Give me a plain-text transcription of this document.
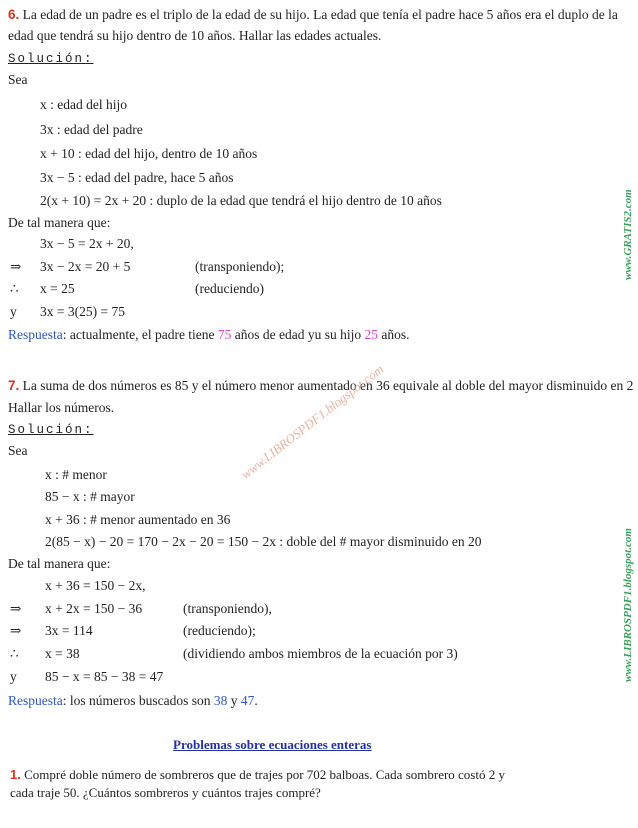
6. La edad de un padre es el triplo de la edad de su hijo. La edad que tenía el padre hace 5 años era el duplo de la
edad que tendrá su hijo dentro de 10 años. Hallar las edades actuales.
Solución:
Sea
x : edad del hijo
3x : edad del padre
x + 10 : edad del hijo, dentro de 10 años
3x − 5 : edad del padre, hace 5 años
2(x + 10) = 2x + 20 : duplo de la edad que tendrá el hijo dentro de 10 años
De tal manera que:
3x − 5 = 2x + 20,
⇒ 3x − 2x = 20 + 5	(transponiendo);
∴ x = 25	(reduciendo)
y 3x = 3(25) = 75
Respuesta: actualmente, el padre tiene 75 años de edad yu su hijo 25 años.
7. La suma de dos números es 85 y el número menor aumentado en 36 equivale al doble del mayor disminuido en 2
Hallar los números.
Solución:
Sea
x : # menor
85 − x : # mayor
x + 36 : # menor aumentado en 36
2(85 − x) − 20 = 170 − 2x − 20 = 150 − 2x : doble del # mayor disminuido en 20
De tal manera que:
x + 36 = 150 − 2x,
⇒ x + 2x = 150 − 36	(transponiendo),
⇒ 3x = 114	(reduciendo);
∴ x = 38	(dividiendo ambos miembros de la ecuación por 3)
y 85 − x = 85 − 38 = 47
Respuesta: los números buscados son 38 y 47.
www.GRATIS2.com
www.LIBROSPDF1.blogspot.com
www.LIBROSPDF1.blogspot.com
Problemas sobre ecuaciones enteras
1. Compré doble número de sombreros que de trajes por 702 balboas. Cada sombrero costó 2 y
cada traje 50. ¿Cuántos sombreros y cuántos trajes compré?
